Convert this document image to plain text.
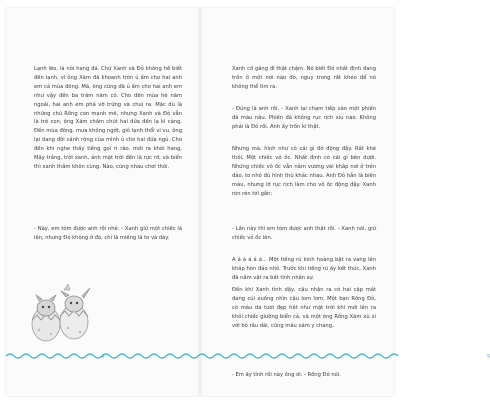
Lạnh lẽo, là nói hang đá. Chứ Xanh và Đỏ không hề biết đến lạnh, vì ông Xám đã khoanh tròn ủ ấm cho hai anh em cả mùa đông. Mà, ông cũng đã ủ ấm cho hai anh em như vậy đến ba trăm năm có. Cho đến mùa hè năm ngoái, hai anh em phá vỡ trứng và chui ra. Mặc dù là những chú Rồng con mạnh mẽ, nhưng Xanh và Đỏ vẫn là trẻ con, ông Xám chăm chút hai đứa đến lạ kì càng. Đến mùa đông, mưa không ngớt, gió lạnh thổi vi vu, ông lại dang đôi cánh rộng của mình ủ cho hai đứa ngủ. Cho đến khi nghe thấy tiếng gọi ri rào, mới ra khỏi hang. Mây trắng, trời xanh, ánh mặt trời đến là rực rỡ, và biển thì xanh thẳm khôn cùng. Nào, cùng nhau chơi thôi.

- Này, em tóm được anh rồi nhé. - Xanh giữ một chiếc lá lên, nhưng Đỏ không ở đó, chỉ là miếng lá to và dày.

4

Xanh cố gắng đi thật chậm. Nó biết Đỏ nhất định đang trốn ở một nơi nào đó, nguy trong rất khéo để nó không thể tìm ra.

- Đúng là anh rồi. - Xanh lại chạm tiếp vào một phiến đá màu nâu. Phiến đá không rục rịch xíu nào. Không phải là Đỏ rồi. Anh ấy trốn kĩ thật.

Nhưng mà, hình như có cái gì đó động đậy. Rất khẽ thôi. Một chiếc vỏ ốc. Nhất định có cái gì bên dưới. Những chiếc vỏ ốc vẫn nằm vương vãi khắp nơi ở trên đảo, to nhỏ đủ hình thù khác nhau. Anh Đỏ hẳn là biến màu, nhưng lỡ rục rịch làm cho vỏ ốc động đậy. Xanh rón rén tới gần:

- Lần này thì em tóm được anh thật rồi. - Xanh nói, giữ chiếc vỏ ốc lên.

A á á á á á... Một tiếng rú kinh hoàng bật ra vang lên khắp hòn đảo nhỏ. Trước khi tiếng rú ấy kết thúc, Xanh đã nắm vật ra bất tỉnh nhân sự.

Đến khi Xanh tỉnh dậy, cậu nhận ra có hai cặp mắt đang cúi xuống nhìn cậu lom lom. Một bạn Rồng Đỏ, có màu da tươi đẹp hệt như mặt trời khi mới lên ra khỏi chiếc giường biển cả, và một ông Rồng Xám xù xì với bộ râu dài, cũng màu xám y chang.

- Em ấy tỉnh rồi này ông ơi. - Rồng Đỏ nói.

5
